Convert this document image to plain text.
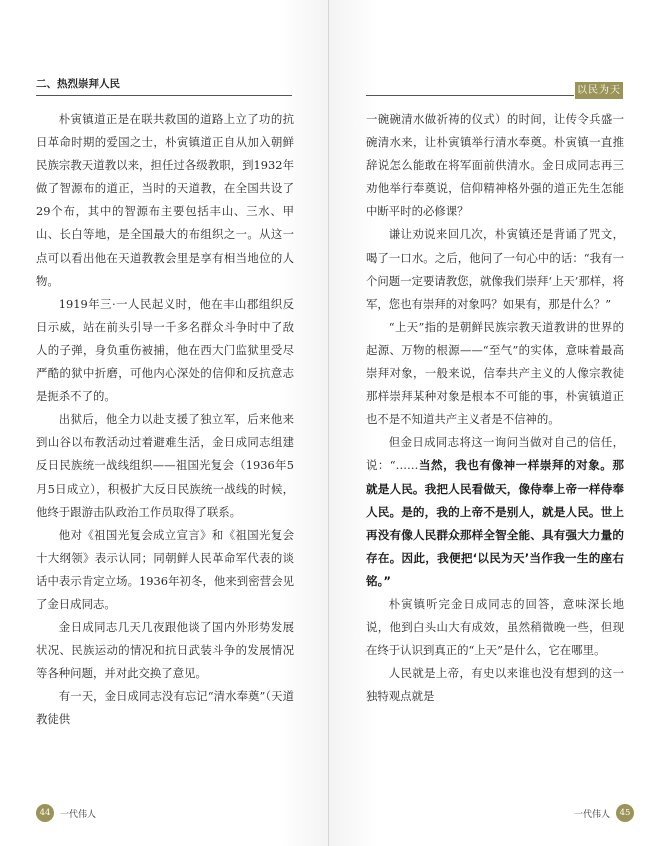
二、热烈崇拜人民

朴寅镇道正是在联共救国的道路上立了功的抗日革命时期的爱国之士，朴寅镇道正自从加入朝鲜民族宗教天道教以来，担任过各级教职，到1932年做了智源布的道正，当时的天道教，在全国共设了29个布，其中的智源布主要包括丰山、三水、甲山、长白等地，是全国最大的布组织之一。从这一点可以看出他在天道教教会里是享有相当地位的人物。

1919年三·一人民起义时，他在丰山郡组织反日示威，站在前头引导一千多名群众斗争时中了敌人的子弹，身负重伤被捕，他在西大门监狱里受尽严酷的狱中折磨，可他内心深处的信仰和反抗意志是扼杀不了的。

出狱后，他全力以赴支援了独立军，后来他来到山谷以布教活动过着避难生活，金日成同志组建反日民族统一战线组织——祖国光复会（1936年5月5日成立），积极扩大反日民族统一战线的时候，他终于跟游击队政治工作员取得了联系。

他对《祖国光复会成立宣言》和《祖国光复会十大纲领》表示认同；同朝鲜人民革命军代表的谈话中表示肯定立场。1936年初冬，他来到密营会见了金日成同志。

金日成同志几天几夜跟他谈了国内外形势发展状况、民族运动的情况和抗日武装斗争的发展情况等各种问题，并对此交换了意见。

有一天，金日成同志没有忘记“清水奉奠”（天道教徒供

44	一代伟人
以民为天

一碗碗清水做祈祷的仪式）的时间，让传令兵盛一碗清水来，让朴寅镇举行清水奉奠。朴寅镇一直推辞说怎么能敢在将军面前供清水。金日成同志再三劝他举行奉奠说，信仰精神格外强的道正先生怎能中断平时的必修课？

谦让劝说来回几次，朴寅镇还是背诵了咒文，喝了一口水。之后，他问了一句心中的话：“我有一个问题一定要请教您，就像我们崇拜‘上天’那样，将军，您也有崇拜的对象吗？如果有，那是什么？”

“上天”指的是朝鲜民族宗教天道教讲的世界的起源、万物的根源——“至气”的实体，意味着最高崇拜对象，一般来说，信奉共产主义的人像宗教徒那样崇拜某种对象是根本不可能的事，朴寅镇道正也不是不知道共产主义者是不信神的。

但金日成同志将这一询问当做对自己的信任，说：“……当然，我也有像神一样崇拜的对象。那就是人民。我把人民看做天，像侍奉上帝一样侍奉人民。是的，我的上帝不是别人，就是人民。世上再没有像人民群众那样全智全能、具有强大力量的存在。因此，我便把‘以民为天’当作我一生的座右铭。”

朴寅镇听完金日成同志的回答，意味深长地说，他到白头山大有成效，虽然稍微晚一些，但现在终于认识到真正的“上天”是什么，它在哪里。

人民就是上帝，有史以来谁也没有想到的这一独特观点就是

一代伟人	45
